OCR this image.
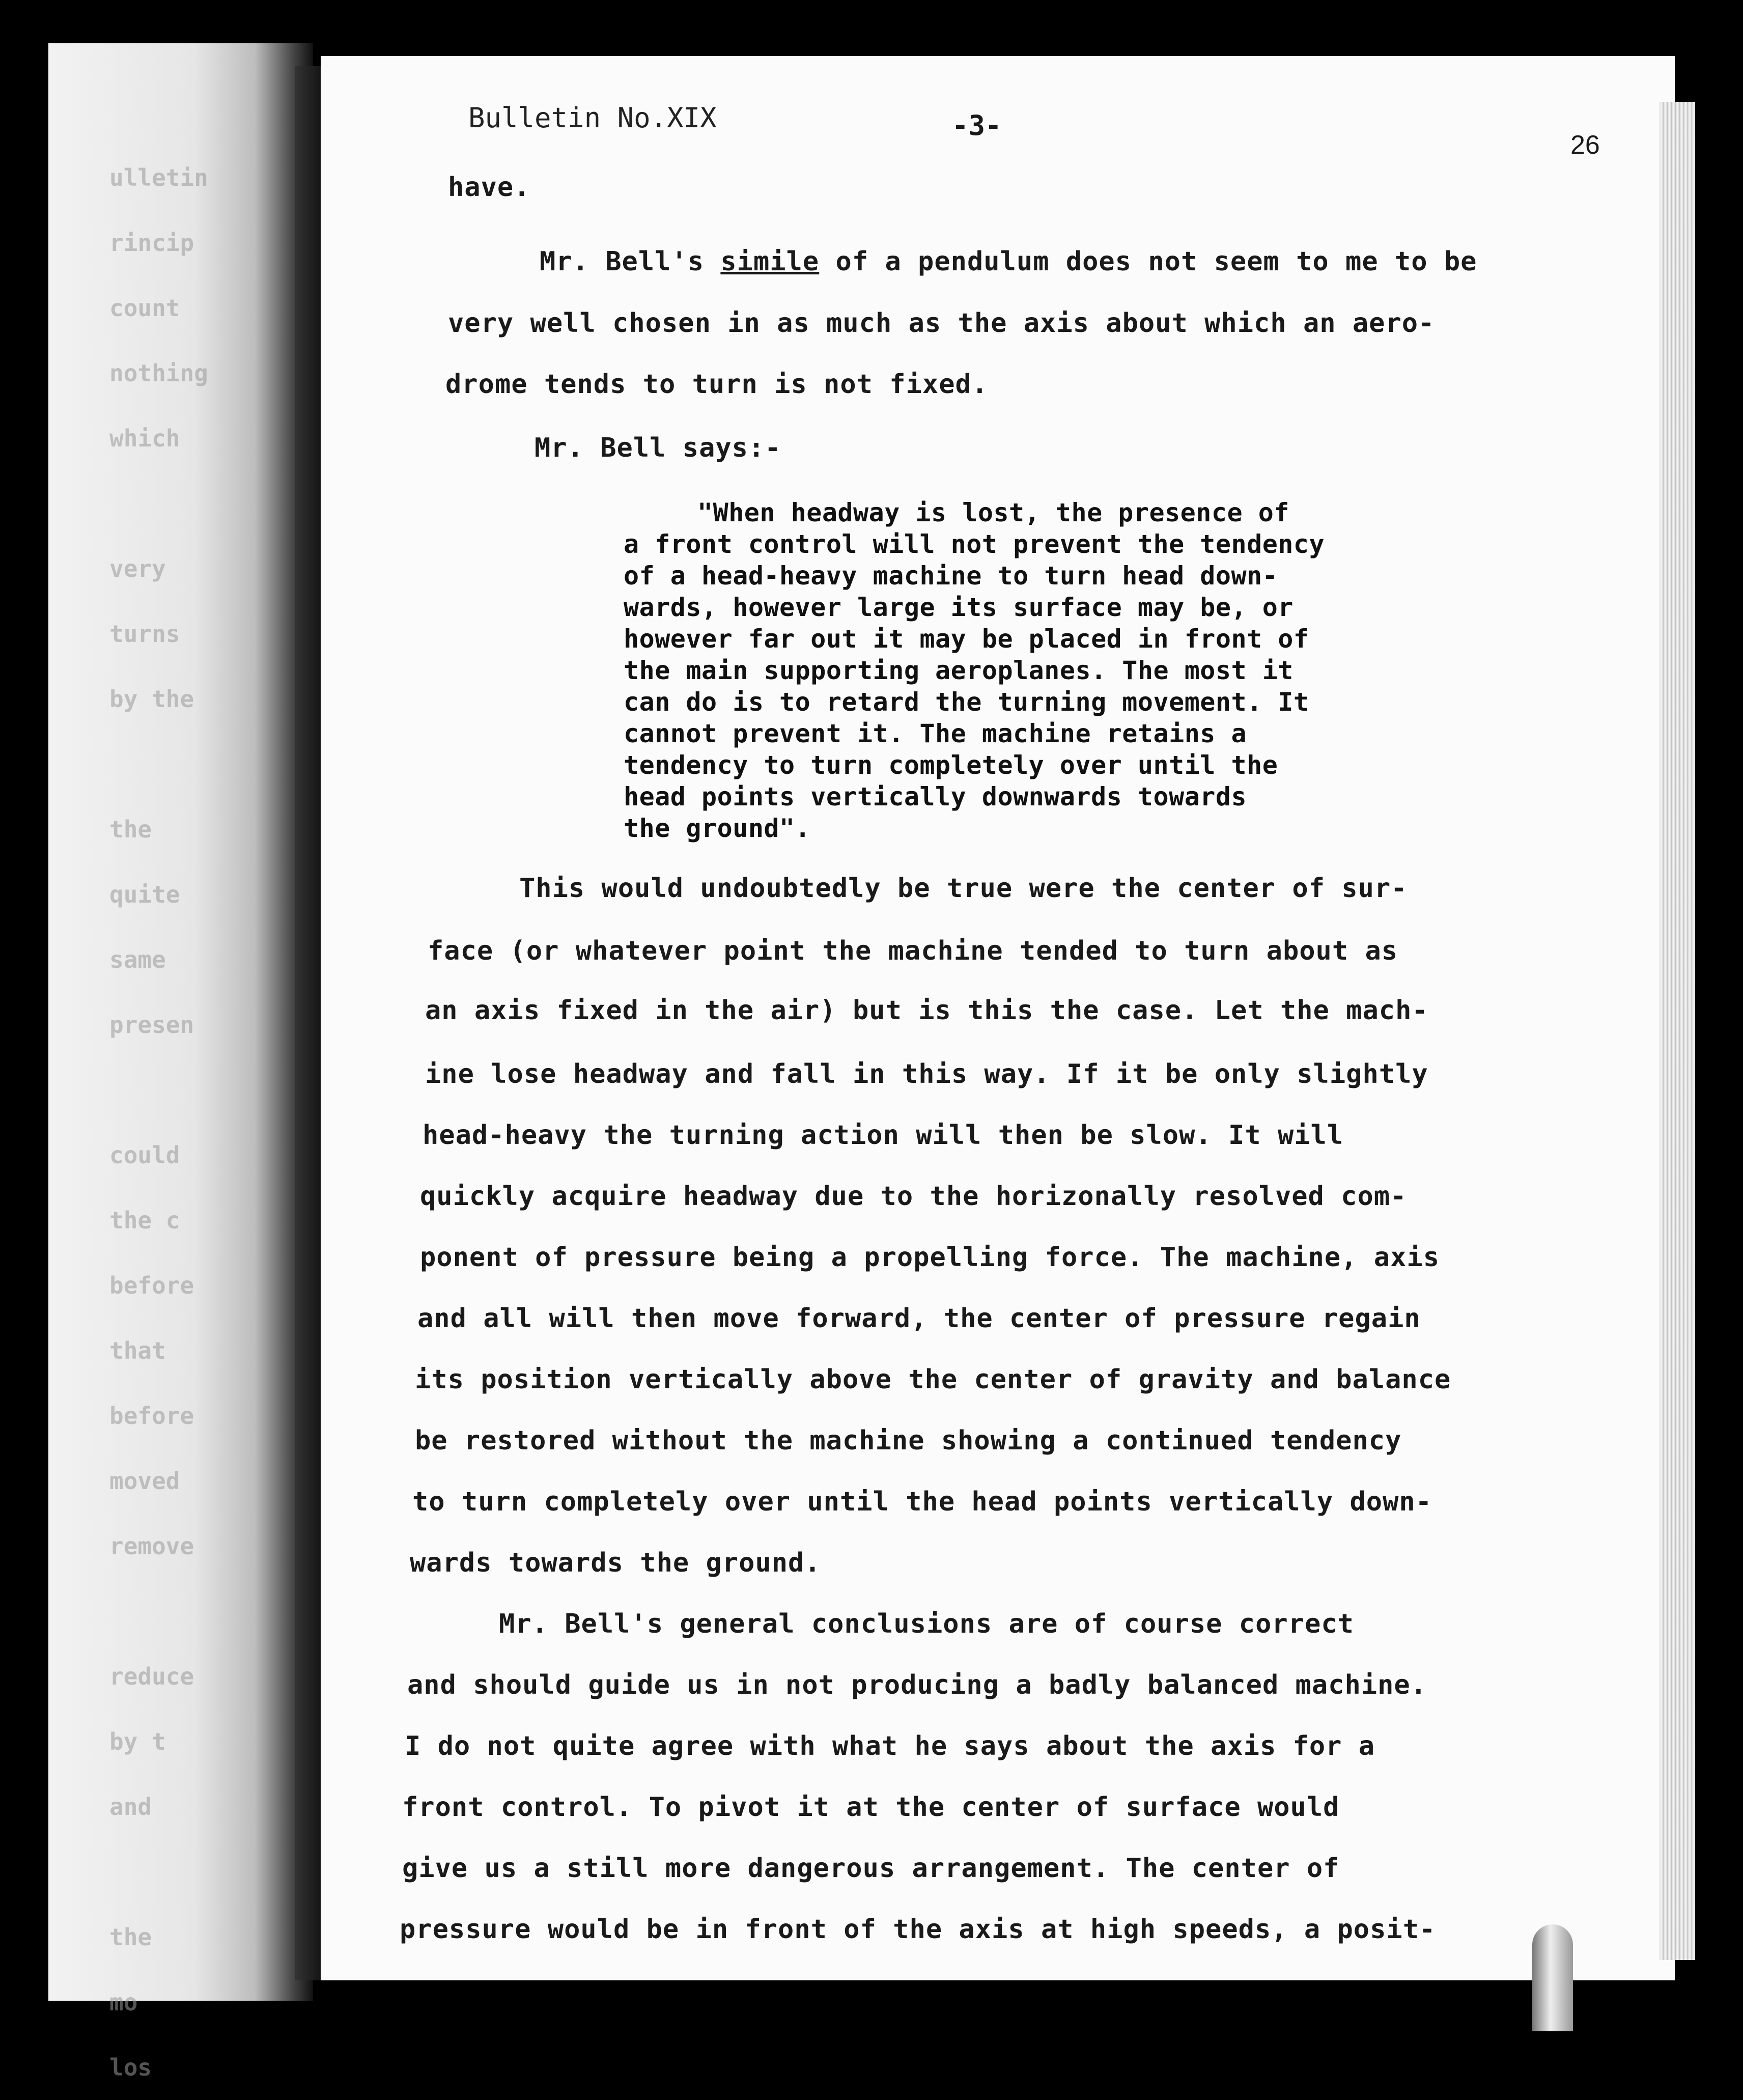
ulletin
rincip
count
nothing
which

very
turns
by the

the
quite
same
presen

could
the c
before
that
before
moved
remove

reduce
by t
and

the
mo
los
Bulletin No.XIX	-3-
26
have.
Mr. Bell's simile of a pendulum does not seem to me to be
very well chosen in as much as the axis about which an aero-
drome tends to turn is not fixed.
Mr. Bell says:-
"When headway is lost, the presence of
a front control will not prevent the tendency
of a head-heavy machine to turn head down-
wards, however large its surface may be, or
however far out it may be placed in front of
the main supporting aeroplanes. The most it
can do is to retard the turning movement. It
cannot prevent it. The machine retains a
tendency to turn completely over until the
head points vertically downwards towards
the ground".
This would undoubtedly be true were the center of sur-
face (or whatever point the machine tended to turn about as
an axis fixed in the air) but is this the case. Let the mach-
ine lose headway and fall in this way. If it be only slightly
head-heavy the turning action will then be slow. It will
quickly acquire headway due to the horizonally resolved com-
ponent of pressure being a propelling force. The machine, axis
and all will then move forward, the center of pressure regain
its position vertically above the center of gravity and balance
be restored without the machine showing a continued tendency
to turn completely over until the head points vertically down-
wards towards the ground.
Mr. Bell's general conclusions are of course correct
and should guide us in not producing a badly balanced machine.
I do not quite agree with what he says about the axis for a
front control. To pivot it at the center of surface would
give us a still more dangerous arrangement. The center of
pressure would be in front of the axis at high speeds, a posit-
